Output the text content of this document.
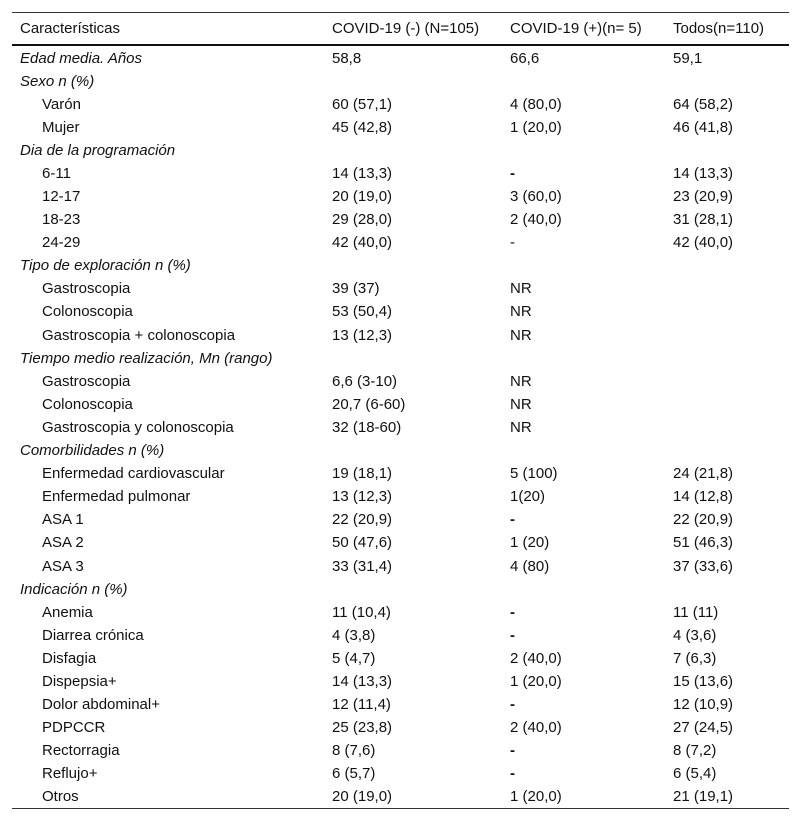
Características	COVID-19 (-) (N=105)	COVID-19 (+)(n= 5)	Todos(n=110)
Edad media. Años	58,8	66,6	59,1
Sexo n (%)			
Varón	60 (57,1)	4 (80,0)	64 (58,2)
Mujer	45 (42,8)	1 (20,0)	46 (41,8)
Dia de la programación			
6-11	14 (13,3)	-	14 (13,3)
12-17	20 (19,0)	3 (60,0)	23 (20,9)
18-23	29 (28,0)	2 (40,0)	31 (28,1)
24-29	42 (40,0)	-	42 (40,0)
Tipo de exploración n (%)			
Gastroscopia	39 (37)	NR	
Colonoscopia	53 (50,4)	NR	
Gastroscopia + colonoscopia	13 (12,3)	NR	
Tiempo medio realización, Mn (rango)			
Gastroscopia	6,6 (3-10)	NR	
Colonoscopia	20,7 (6-60)	NR	
Gastroscopia y colonoscopia	32 (18-60)	NR	
Comorbilidades n (%)			
Enfermedad cardiovascular	19 (18,1)	5 (100)	24 (21,8)
Enfermedad pulmonar	13 (12,3)	1(20)	14 (12,8)
ASA 1	22 (20,9)	-	22 (20,9)
ASA 2	50 (47,6)	1 (20)	51 (46,3)
ASA 3	33 (31,4)	4 (80)	37 (33,6)
Indicación n (%)			
Anemia	11 (10,4)	-	11 (11)
Diarrea crónica	4 (3,8)	-	4 (3,6)
Disfagia	5 (4,7)	2 (40,0)	7 (6,3)
Dispepsia+	14 (13,3)	1 (20,0)	15 (13,6)
Dolor abdominal+	12 (11,4)	-	12 (10,9)
PDPCCR	25 (23,8)	2 (40,0)	27 (24,5)
Rectorragia	8 (7,6)	-	8 (7,2)
Reflujo+	6 (5,7)	-	6 (5,4)
Otros	20 (19,0)	1 (20,0)	21 (19,1)
